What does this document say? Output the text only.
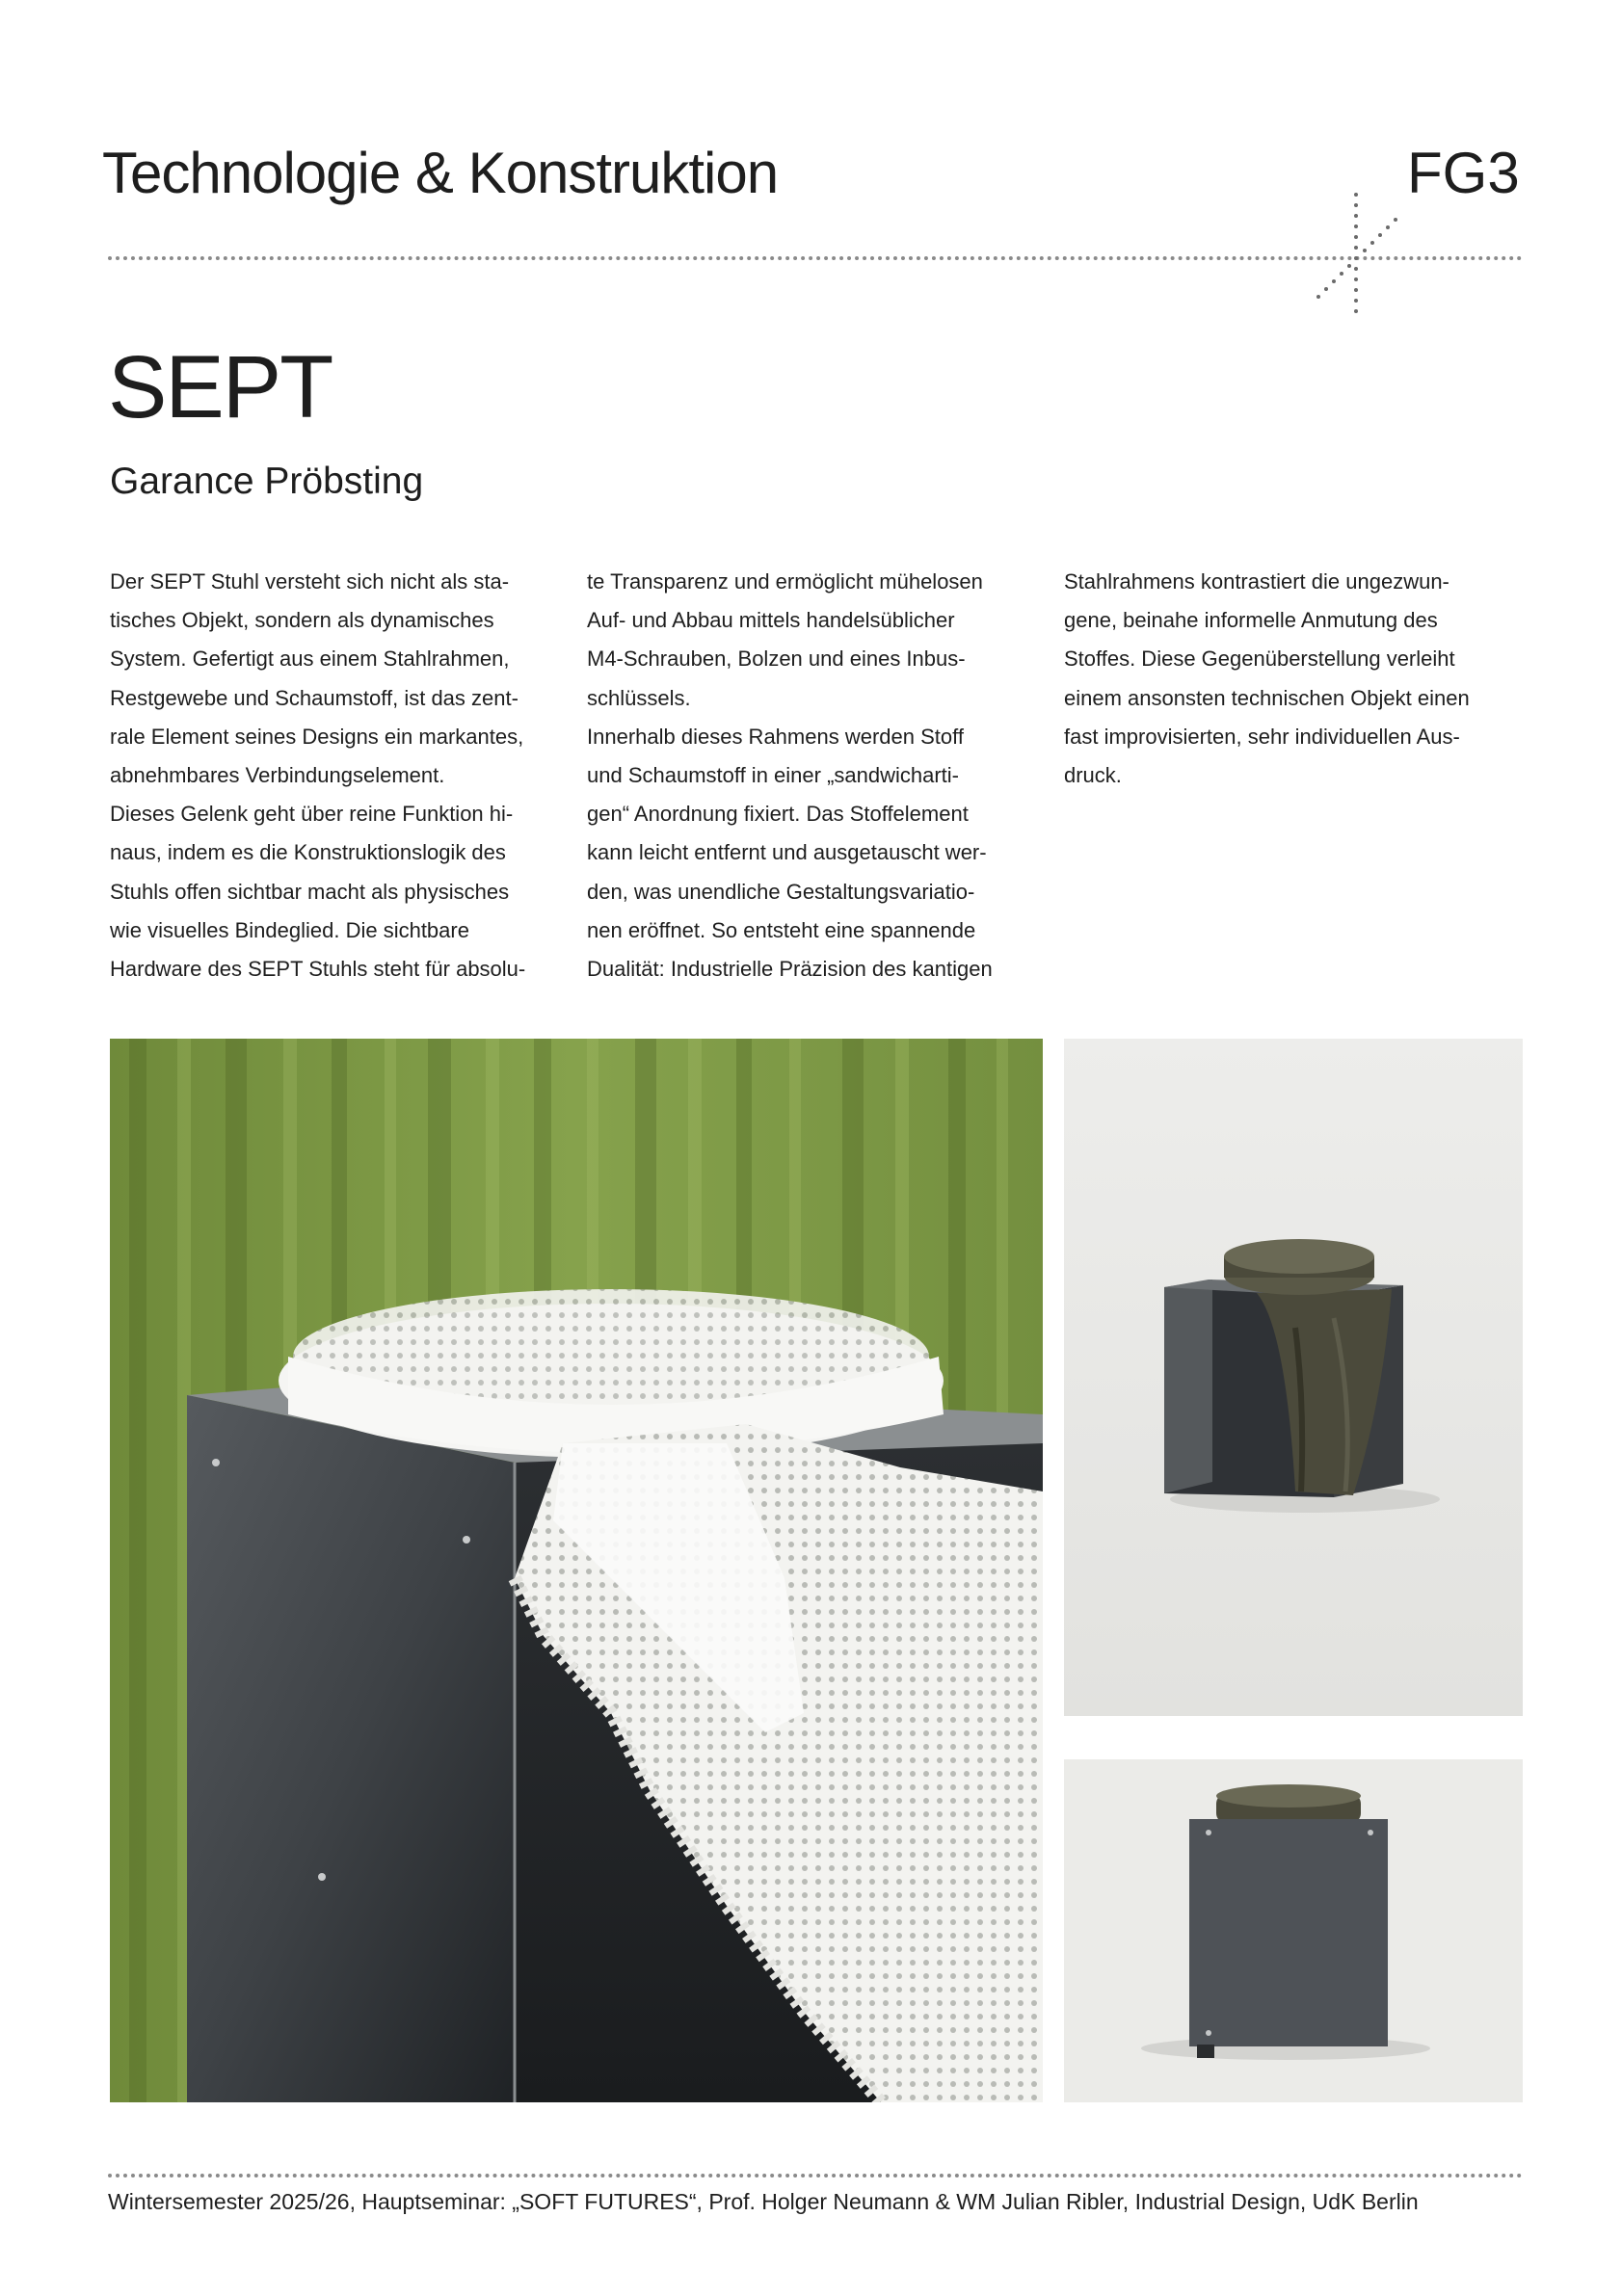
Technologie & Konstruktion	FG3
SEPT
Garance Pröbsting

Der SEPT Stuhl versteht sich nicht als sta-

tisches Objekt, sondern als dynamisches

System. Gefertigt aus einem Stahlrahmen,

Restgewebe und Schaumstoff, ist das zent-

rale Element seines Designs ein markantes,

abnehmbares Verbindungselement.

Dieses Gelenk geht über reine Funktion hi-

naus, indem es die Konstruktionslogik des

Stuhls offen sichtbar macht als physisches

wie visuelles Bindeglied. Die sichtbare

Hardware des SEPT Stuhls steht für absolu-

te Transparenz und ermöglicht mühelosen

Auf- und Abbau mittels handelsüblicher

M4-Schrauben, Bolzen und eines Inbus-

schlüssels.

Innerhalb dieses Rahmens werden Stoff

und Schaumstoff in einer „sandwicharti-

gen“ Anordnung fixiert. Das Stoffelement

kann leicht entfernt und ausgetauscht wer-

den, was unendliche Gestaltungsvariatio-

nen eröffnet. So entsteht eine spannende

Dualität: Industrielle Präzision des kantigen

Stahlrahmens kontrastiert die ungezwun-

gene, beinahe informelle Anmutung des

Stoffes. Diese Gegenüberstellung verleiht

einem ansonsten technischen Objekt einen

fast improvisierten, sehr individuellen Aus-

druck.

Wintersemester 2025/26, Hauptseminar: „SOFT FUTURES“, Prof. Holger Neumann & WM Julian Ribler, Industrial Design, UdK Berlin
